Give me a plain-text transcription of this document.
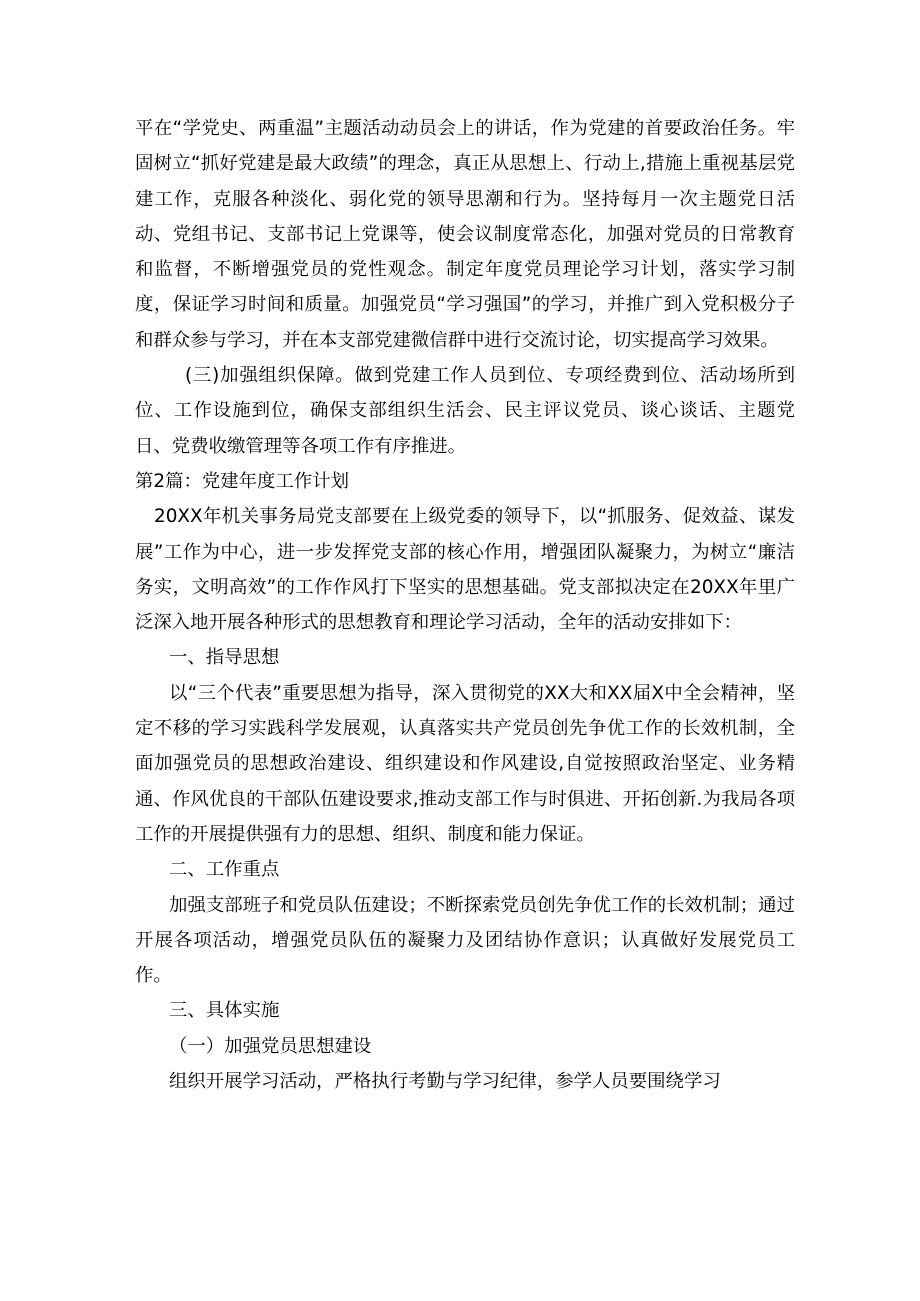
平在“学党史、两重温”主题活动动员会上的讲话，作为党建的首要政治任务。牢固树立“抓好党建是最大政绩”的理念，真正从思想上、行动上,措施上重视基层党建工作，克服各种淡化、弱化党的领导思潮和行为。坚持每月一次主题党日活动、党组书记、支部书记上党课等，使会议制度常态化，加强对党员的日常教育和监督，不断增强党员的党性观念。制定年度党员理论学习计划，落实学习制度，保证学习时间和质量。加强党员“学习强国”的学习，并推广到入党积极分子和群众参与学习，并在本支部党建微信群中进行交流讨论，切实提高学习效果。

(三)加强组织保障。做到党建工作人员到位、专项经费到位、活动场所到位、工作设施到位，确保支部组织生活会、民主评议党员、谈心谈话、主题党日、党费收缴管理等各项工作有序推进。

第2篇：党建年度工作计划

20XX年机关事务局党支部要在上级党委的领导下，以“抓服务、促效益、谋发展”工作为中心，进一步发挥党支部的核心作用，增强团队凝聚力，为树立“廉洁务实，文明高效”的工作作风打下坚实的思想基础。党支部拟决定在20XX年里广泛深入地开展各种形式的思想教育和理论学习活动，全年的活动安排如下：

一、指导思想

以“三个代表”重要思想为指导，深入贯彻党的XX大和XX届X中全会精神，坚定不移的学习实践科学发展观，认真落实共产党员创先争优工作的长效机制，全面加强党员的思想政治建设、组织建设和作风建设,自觉按照政治坚定、业务精通、作风优良的干部队伍建设要求,推动支部工作与时俱进、开拓创新.为我局各项工作的开展提供强有力的思想、组织、制度和能力保证。

二、工作重点

加强支部班子和党员队伍建设；不断探索党员创先争优工作的长效机制；通过开展各项活动，增强党员队伍的凝聚力及团结协作意识；认真做好发展党员工作。

三、具体实施

（一）加强党员思想建设

组织开展学习活动，严格执行考勤与学习纪律，参学人员要围绕学习
